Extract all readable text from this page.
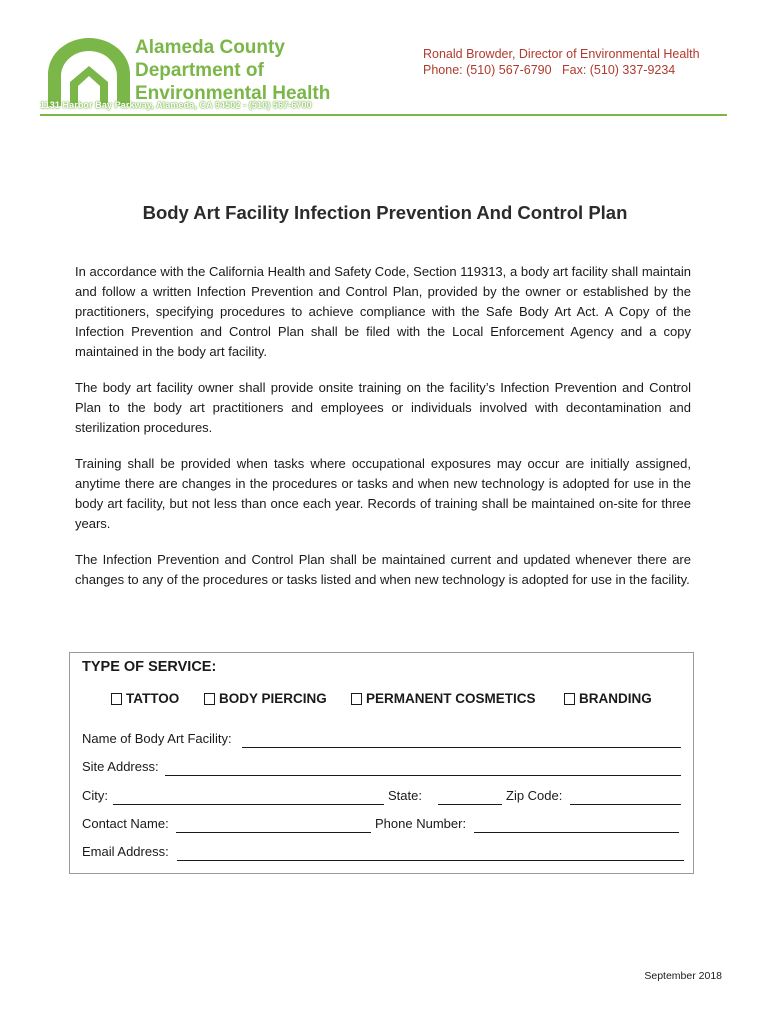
Alameda County
Department of
Environmental Health
1131 Harbor Bay Parkway, Alameda, CA 94502 - (510) 567-6700
Ronald Browder, Director of Environmental Health
Phone: (510) 567-6790   Fax: (510) 337-9234
Body Art Facility Infection Prevention And Control Plan

In accordance with the California Health and Safety Code, Section 119313, a body art facility shall maintain and follow a written Infection Prevention and Control Plan, provided by the owner or established by the practitioners, specifying procedures to achieve compliance with the Safe Body Art Act. A Copy of the Infection Prevention and Control Plan shall be filed with the Local Enforcement Agency and a copy maintained in the body art facility.

The body art facility owner shall provide onsite training on the facility’s Infection Prevention and Control Plan to the body art practitioners and employees or individuals involved with decontamination and sterilization procedures.

Training shall be provided when tasks where occupational exposures may occur are initially assigned, anytime there are changes in the procedures or tasks and when new technology is adopted for use in the body art facility, but not less than once each year. Records of training shall be maintained on-site for three years.

The Infection Prevention and Control Plan shall be maintained current and updated whenever there are changes to any of the procedures or tasks listed and when new technology is adopted for use in the facility.

TYPE OF SERVICE:
TATTOO	BODY PIERCING	PERMANENT COSMETICS	BRANDING
Name of Body Art Facility:
Site Address:
City:	State:	Zip Code:
Contact Name:	Phone Number:
Email Address:
September 2018
